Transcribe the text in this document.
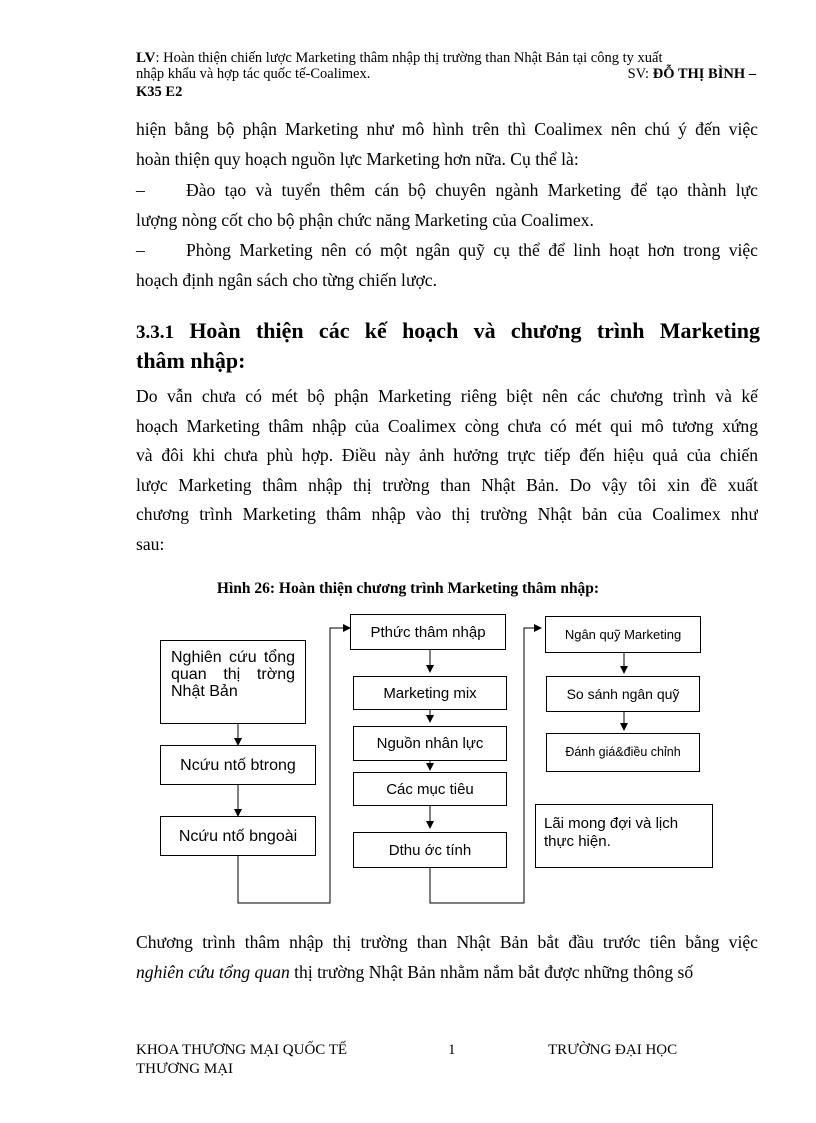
LV: Hoàn thiện chiến lược Marketing thâm nhập thị trường than Nhật Bản tại công ty xuất
nhập khẩu và hợp tác quốc tế-Coalimex.	SV: ĐỖ THỊ BÌNH –
K35 E2
hiện bằng bộ phận Marketing như mô hình trên thì Coalimex nên chú ý đến việc
hoàn thiện quy hoạch nguồn lực Marketing hơn nữa. Cụ thể là:
–	Đào tạo và tuyển thêm cán bộ chuyên ngành Marketing để tạo thành lực
lượng nòng cốt cho bộ phận chức năng Marketing của Coalimex.
–	Phòng Marketing nên có một ngân quỹ cụ thể để linh hoạt hơn trong việc
hoạch định ngân sách cho từng chiến lược.
3.3.1 Hoàn thiện các kế hoạch và chương trình Marketing
thâm nhập:
Do vẫn chưa có mét bộ phận Marketing riêng biệt nên các chương trình và kế
hoạch Marketing thâm nhập của Coalimex còng chưa có mét qui mô tương xứng
và đôi khi chưa phù hợp. Điều này ảnh hưởng trực tiếp đến hiệu quả của chiến
lược Marketing thâm nhập thị trường than Nhật Bản. Do vậy tôi xin đề xuất
chương trình Marketing thâm nhập vào thị trường Nhật bản của Coalimex như
sau:
Hình 26: Hoàn thiện chương trình Marketing thâm nhập:
Nghiên cứu tổng
quan thị trờng
Nhật Bản
Ncứu ntố btrong
Ncứu ntố bngoài
Pthức thâm nhập
Marketing mix
Nguồn nhân lực
Các mục tiêu
Dthu ớc tính
Ngân quỹ Marketing
So sánh ngân quỹ
Đánh giá&điều chỉnh
Lãi mong đợi và lịch
thực hiện.
Chương trình thâm nhập thị trường than Nhật Bản bắt đầu trước tiên bằng việc
nghiên cứu tổng quan thị trường Nhật Bản nhằm nắm bắt được những thông số
KHOA THƯƠNG MẠI QUỐC TẾ
THƯƠNG MẠI
1	TRƯỜNG ĐẠI HỌC
